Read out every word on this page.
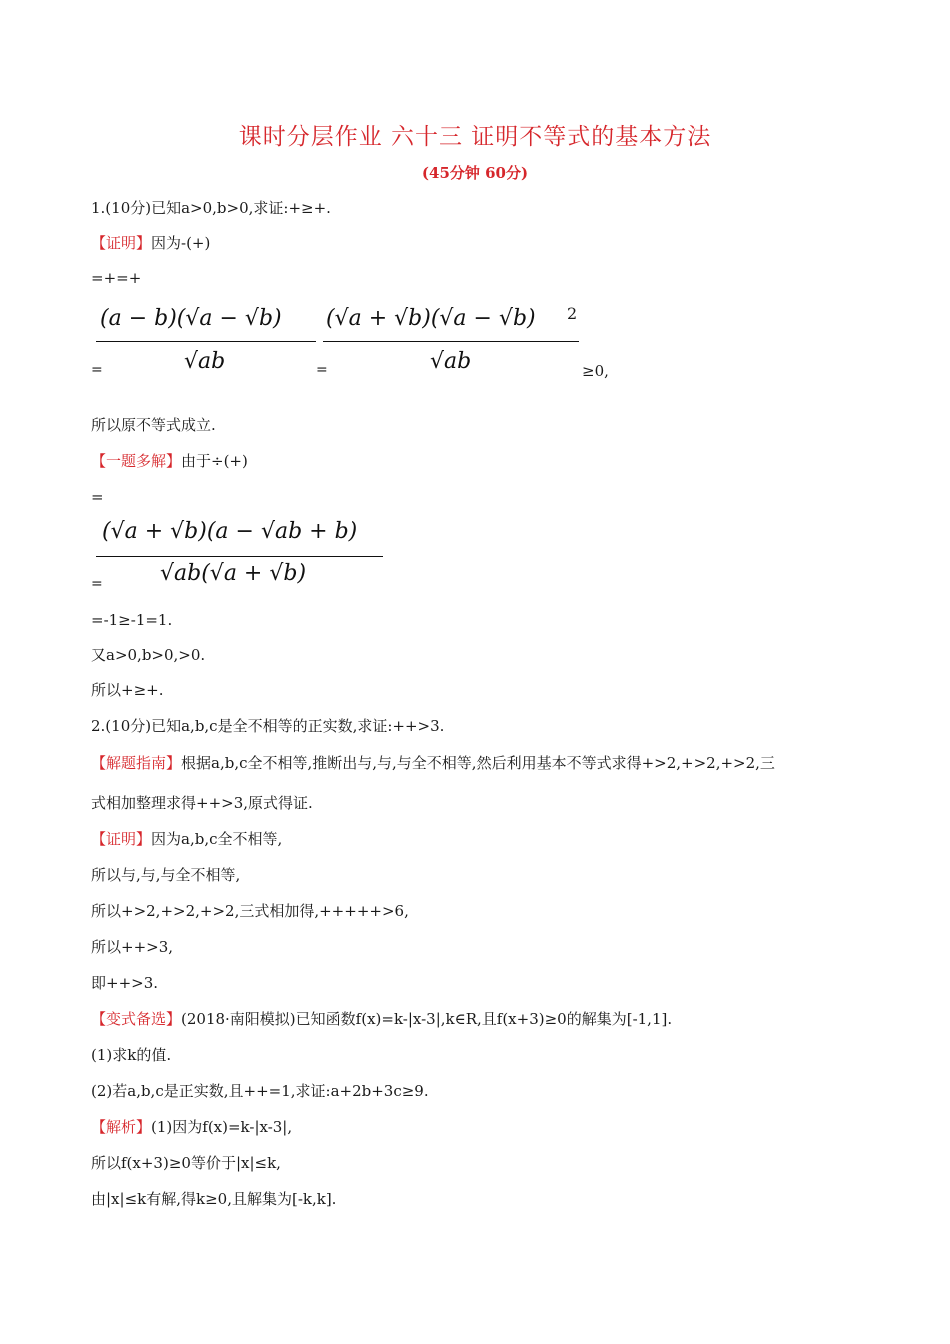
课时分层作业 六十三 证明不等式的基本方法
(45分钟 60分)
1.(10分)已知a>0,b>0,求证:+≥+.
【证明】因为-(+)
=+=+
=
(a − b)(√a − √b)
√ab	=
(√a + √b)(√a − √b) 2
√ab	≥0,
所以原不等式成立.
【一题多解】由于÷(+)
=
=
(√a + √b)(a − √ab + b)
√ab(√a + √b)
=-1≥-1=1.
又a>0,b>0,>0.
所以+≥+.
2.(10分)已知a,b,c是全不相等的正实数,求证:++>3.
【解题指南】根据a,b,c全不相等,推断出与,与,与全不相等,然后利用基本不等式求得+>2,+>2,+>2,三
式相加整理求得++>3,原式得证.
【证明】因为a,b,c全不相等,
所以与,与,与全不相等,
所以+>2,+>2,+>2,三式相加得,+++++>6,
所以++>3,
即++>3.
【变式备选】(2018·南阳模拟)已知函数f(x)=k-|x-3|,k∈R,且f(x+3)≥0的解集为[-1,1].
(1)求k的值.
(2)若a,b,c是正实数,且++=1,求证:a+2b+3c≥9.
【解析】(1)因为f(x)=k-|x-3|,
所以f(x+3)≥0等价于|x|≤k,
由|x|≤k有解,得k≥0,且解集为[-k,k].
